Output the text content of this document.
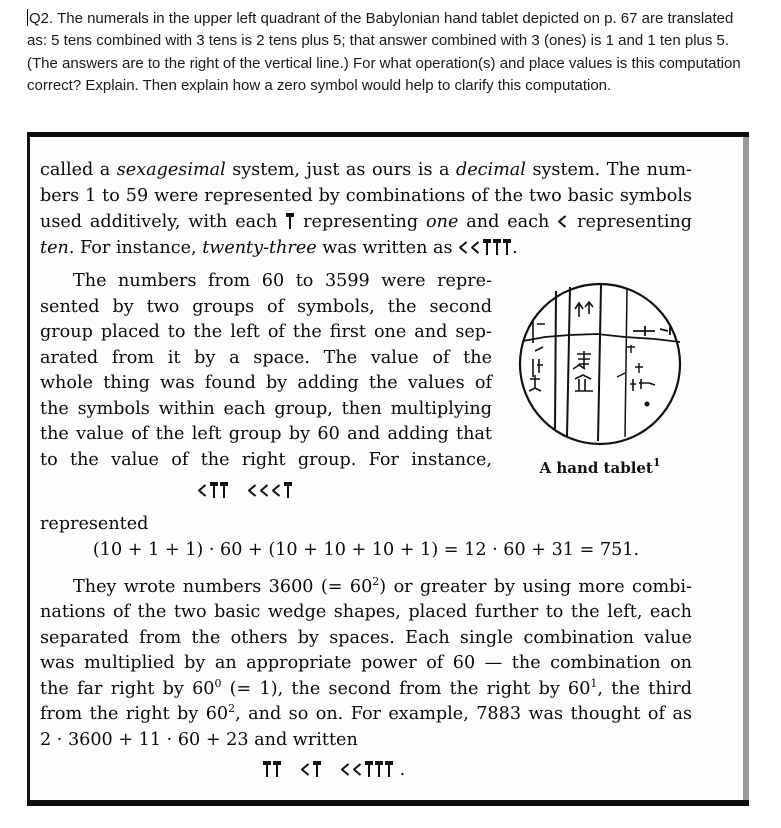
Q2. The numerals in the upper left quadrant of the Babylonian hand tablet depicted on p. 67 are translated as: 5 tens combined with 3 tens is 2 tens plus 5; that answer combined with 3 (ones) is 1 and 1 ten plus 5. (The answers are to the right of the vertical line.) For what operation(s) and place values is this computation correct? Explain. Then explain how a zero symbol would help to clarify this computation.
called a sexagesimal system, just as ours is a decimal system. The num-
bers 1 to 59 were represented by combinations of the two basic symbols
used additively, with each representing one and each representing
ten. For instance, twenty-three was written as	.
The numbers from 60 to 3599 were repre-
sented by two groups of symbols, the second
group placed to the left of the first one and sep-
arated from it by a space. The value of the
whole thing was found by adding the values of
the symbols within each group, then multiplying
the value of the left group by 60 and adding that
to the value of the right group. For instance,
represented
(10 + 1 + 1) · 60 + (10 + 10 + 10 + 1) = 12 · 60 + 31 = 751.
They wrote numbers 3600 (= $60^2$) or greater by using more combi-
nations of the two basic wedge shapes, placed further to the left, each
separated from the others by spaces. Each single combination value
was multiplied by an appropriate power of 60 — the combination on
the far right by $60^0$ (= 1), the second from the right by $60^1$, the third
from the right by $60^2$, and so on. For example, 7883 was thought of as
2 · 3600 + 11 · 60 + 23 and written
.
A hand tablet$^1$
